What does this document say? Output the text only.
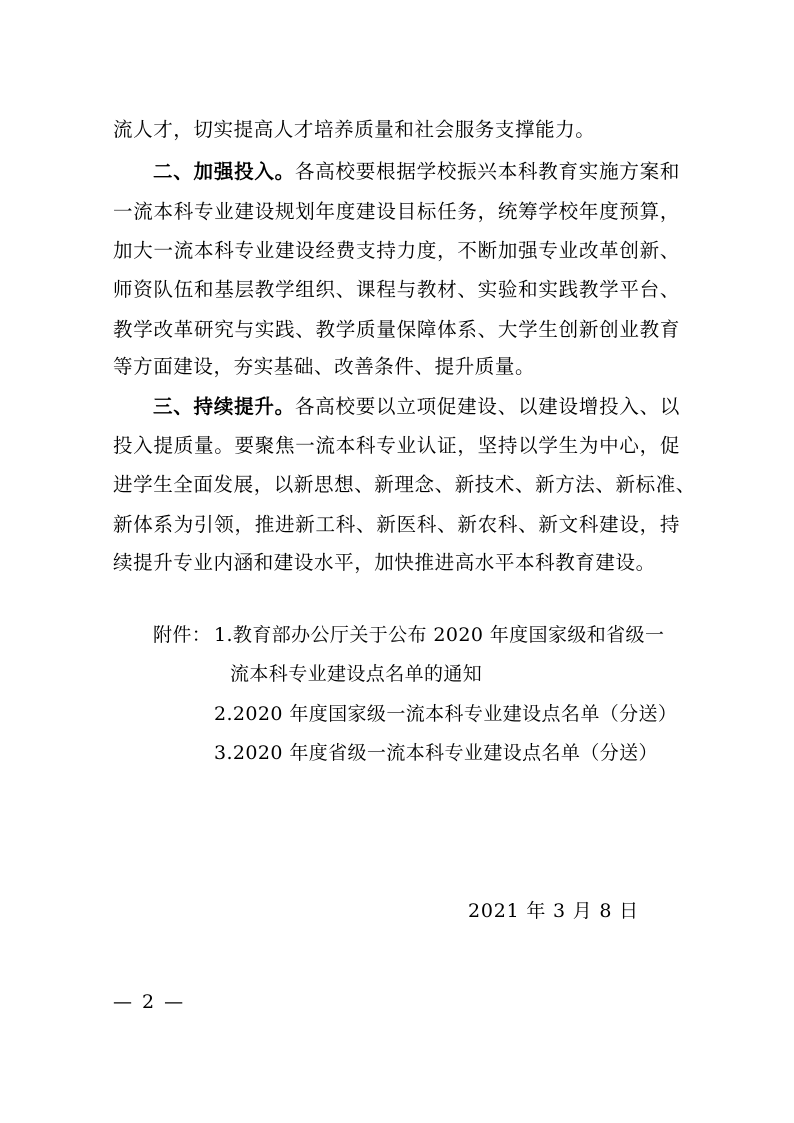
流人才，切实提高人才培养质量和社会服务支撑能力。
二、加强投入。各高校要根据学校振兴本科教育实施方案和
一流本科专业建设规划年度建设目标任务，统筹学校年度预算，
加大一流本科专业建设经费支持力度，不断加强专业改革创新、
师资队伍和基层教学组织、课程与教材、实验和实践教学平台、
教学改革研究与实践、教学质量保障体系、大学生创新创业教育
等方面建设，夯实基础、改善条件、提升质量。
三、持续提升。各高校要以立项促建设、以建设增投入、以
投入提质量。要聚焦一流本科专业认证，坚持以学生为中心，促
进学生全面发展，以新思想、新理念、新技术、新方法、新标准、
新体系为引领，推进新工科、新医科、新农科、新文科建设，持
续提升专业内涵和建设水平，加快推进高水平本科教育建设。
附件： 1.教育部办公厅关于公布 2020 年度国家级和省级一
流本科专业建设点名单的通知
2.2020 年度国家级一流本科专业建设点名单（分送）
3.2020 年度省级一流本科专业建设点名单（分送）
2021 年 3 月 8 日
— 2 —
